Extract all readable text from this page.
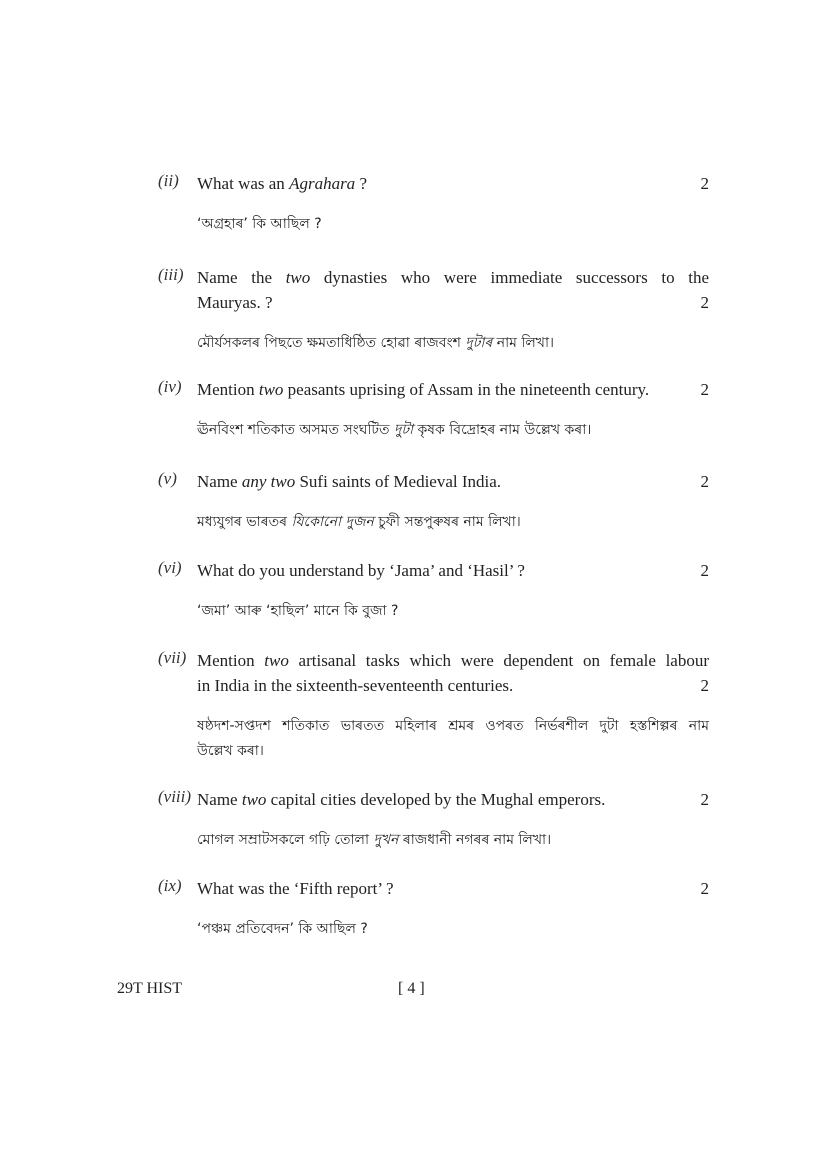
(ii) What was an Agrahara ?	2
‘অগ্ৰহাৰ’ কি আছিল ?
(iii) Name the two dynasties who were immediate successors to the
Mauryas. ?	2
মৌৰ্যসকলৰ পিছতে ক্ষমতাধিষ্ঠিত হোৱা ৰাজবংশ দুটাৰ নাম লিখা।
(iv) Mention two peasants uprising of Assam in the nineteenth century.	2
ঊনবিংশ শতিকাত অসমত সংঘটিত দুটা কৃষক বিদ্ৰোহৰ নাম উল্লেখ কৰা।
(v) Name any two Sufi saints of Medieval India.	2
মধ্যযুগৰ ভাৰতৰ যিকোনো দুজন চুফী সন্তপুৰুষৰ নাম লিখা।
(vi) What do you understand by ‘Jama’ and ‘Hasil’ ?	2
‘জমা’ আৰু ‘হাছিল’ মানে কি বুজা ?
(vii) Mention two artisanal tasks which were dependent on female labour
in India in the sixteenth-seventeenth centuries.	2
ষষ্ঠদশ-সপ্তদশ শতিকাত ভাৰতত মহিলাৰ শ্ৰমৰ ওপৰত নিৰ্ভৰশীল দুটা হস্তশিল্পৰ নাম
উল্লেখ কৰা।
(viii) Name two capital cities developed by the Mughal emperors.	2
মোগল সম্ৰাটসকলে গঢ়ি তোলা দুখন ৰাজধানী নগৰৰ নাম লিখা।
(ix) What was the ‘Fifth report’ ?	2
‘পঞ্চম প্ৰতিবেদন’ কি আছিল ?
29T HIST	[ 4 ]
